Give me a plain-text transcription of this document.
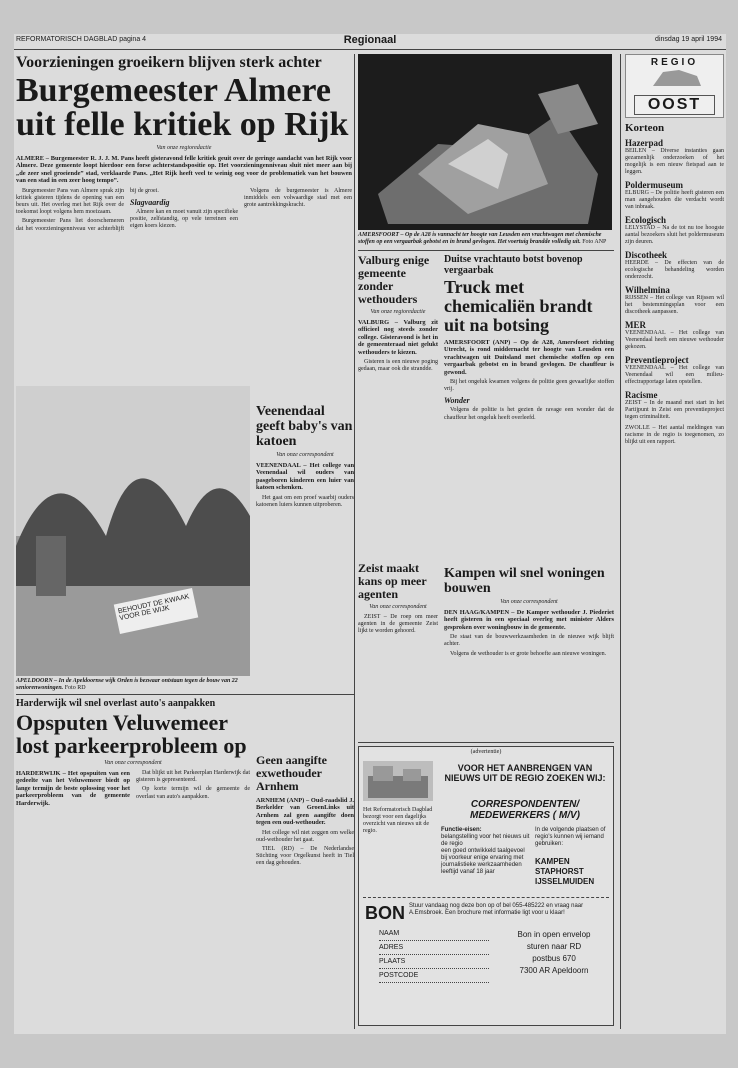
REFORMATORISCH DAGBLAD pagina 4	Regionaal	dinsdag 19 april 1994
Voorzieningen groeikern blijven sterk achter
Burgemeester Almere uit felle kritiek op Rijk
Van onze regioredactie
ALMERE – Burgemeester R. J. J. M. Pans heeft gisteravond felle kritiek geuit over de geringe aandacht van het Rijk voor Almere. Deze gemeente loopt hierdoor een forse achterstandspositie op. Het voorzieningenniveau sluit niet meer aan bij „de zeer snel groeiende” stad, verklaarde Pans. „Het Rijk heeft veel te weinig oog voor de problematiek van het bouwen van een stad in een zeer hoog tempo”.

Burgemeester Pans van Almere sprak zijn kritiek gisteren tijdens de opening van een beurs uit. Het overleg met het Rijk over de toekomst loopt volgens hem moeizaam.

Burgemeester Pans liet doorschemeren dat het voorzieningenniveau ver achterblijft bij de groei.

Slagvaardig

Almere kan en moet vanuit zijn specifieke positie, zelfstandig, op vele terreinen een eigen koers kiezen.

Volgens de burgemeester is Almere inmiddels een volwaardige stad met een grote aantrekkingskracht.

AMERSFOORT – Op de A28 is vannacht ter hoogte van Leusden een vrachtwagen met chemische stoffen op een vergaarbak gebotst en in brand gevlogen. Het voertuig brandde volledig uit. Foto ANP
Valburg enige gemeente zonder wethouders
Van onze regioredactie
VALBURG – Valburg zit officieel nog steeds zonder college. Gisteravond is het in de gemeenteraad niet gelukt wethouders te kiezen.

Gisteren is een nieuwe poging gedaan, maar ook die strandde.

Duitse vrachtauto botst bovenop vergaarbak
Truck met chemicaliën brandt uit na botsing
AMERSFOORT (ANP) – Op de A28, Amersfoort richting Utrecht, is rond middernacht ter hoogte van Leusden een vrachtwagen uit Duitsland met chemische stoffen op een vergaarbak gebotst en in brand gevlogen. De chauffeur is gewond.

Bij het ongeluk kwamen volgens de politie geen gevaarlijke stoffen vrij.

Wonder

Volgens de politie is het gezien de ravage een wonder dat de chauffeur het ongeluk heeft overleefd.

BEHOUDT DE KWAAK VOOR DE WIJK
APELDOORN – In de Apeldoornse wijk Orden is bezwaar ontstaan tegen de bouw van 22 seniorenwoningen. Foto RD
Veenendaal geeft baby's van katoen
Van onze correspondent
VEENENDAAL – Het college van Veenendaal wil ouders van pasgeboren kinderen een luier van katoen schenken.

Het gaat om een proef waarbij ouders katoenen luiers kunnen uitproberen.

Zeist maakt kans op meer agenten
Van onze correspondent

ZEIST – De roep om meer agenten in de gemeente Zeist lijkt te worden gehoord.

Kampen wil snel woningen bouwen
Van onze correspondent
DEN HAAG/KAMPEN – De Kamper wethouder J. Piederiet heeft gisteren in een speciaal overleg met minister Alders gesproken over woningbouw in de gemeente.

De staat van de bouwwerkzaamheden in de nieuwe wijk blijft achter.

Volgens de wethouder is er grote behoefte aan nieuwe woningen.

Harderwijk wil snel overlast auto's aanpakken
Opsputen Veluwemeer lost parkeerprobleem op
Van onze correspondent
HARDERWIJK – Het opspuiten van een gedeelte van het Veluwemeer biedt op lange termijn de beste oplossing voor het parkeerprobleem van de gemeente Harderwijk.

Dat blijkt uit het Parkeerplan Harderwijk dat gisteren is gepresenteerd.

Op korte termijn wil de gemeente de overlast van auto's aanpakken.

Geen aangifte exwethouder Arnhem
ARNHEM (ANP) – Oud-raadslid J. Berkelder van GroenLinks uit Arnhem zal geen aangifte doen tegen een oud-wethouder.

Het college wil niet zeggen om welke oud-wethouder het gaat.

TIEL (RD) – De Nederlandse Stichting voor Orgelkunst heeft in Tiel een dag gehouden.

(advertentie)
Het Reformatorisch Dagblad bezorgt voor een dagelijks overzicht van nieuws uit de regio.
VOOR HET AANBRENGEN VAN NIEUWS UIT DE REGIO ZOEKEN WIJ:
CORRESPONDENTEN/ MEDEWERKERS ( M/V)
Functie-eisen:
belangstelling voor het nieuws uit de regio
een goed ontwikkeld taalgevoel
bij voorkeur enige ervaring met journalistieke werkzaamheden
leeftijd vanaf 18 jaar
In de volgende plaatsen of regio's kunnen wij iemand gebruiken:
KAMPEN STAPHORST IJSSELMUIDEN
BON Stuur vandaag nog deze bon op of bel 055-485222 en vraag naar A.Emsbroek. Een brochure met informatie ligt voor u klaar!
NAAM
ADRES
PLAATS
POSTCODE
Bon in open envelop
sturen naar RD
postbus 670
7300 AR Apeldoorn
REGIO
OOST
Korteon
Hazerpad
BEILEN – Diverse instanties gaan gezamenlijk onderzoeken of het mogelijk is een nieuw fietspad aan te leggen.
Poldermuseum
ELBURG – De politie heeft gisteren een man aangehouden die verdacht wordt van inbraak.
Ecologisch
LELYSTAD – Na de tot nu toe hoogste aantal bezoekers sluit het poldermuseum zijn deuren.
Discotheek
HEERDE – De effecten van de ecologische behandeling worden onderzocht.
Wilhelmina
RIJSSEN – Het college van Rijssen wil het bestemmingsplan voor een discotheek aanpassen.
MER
VEENENDAAL – Het college van Veenendaal heeft een nieuwe wethouder gekozen.
Preventieproject
VEENENDAAL – Het college van Veenendaal wil een milieu-effectrapportage laten opstellen.
Racisme
ZEIST – In de maand mei start in het Partijpunt in Zeist een preventieproject tegen criminaliteit.
ZWOLLE – Het aantal meldingen van racisme in de regio is toegenomen, zo blijkt uit een rapport.
